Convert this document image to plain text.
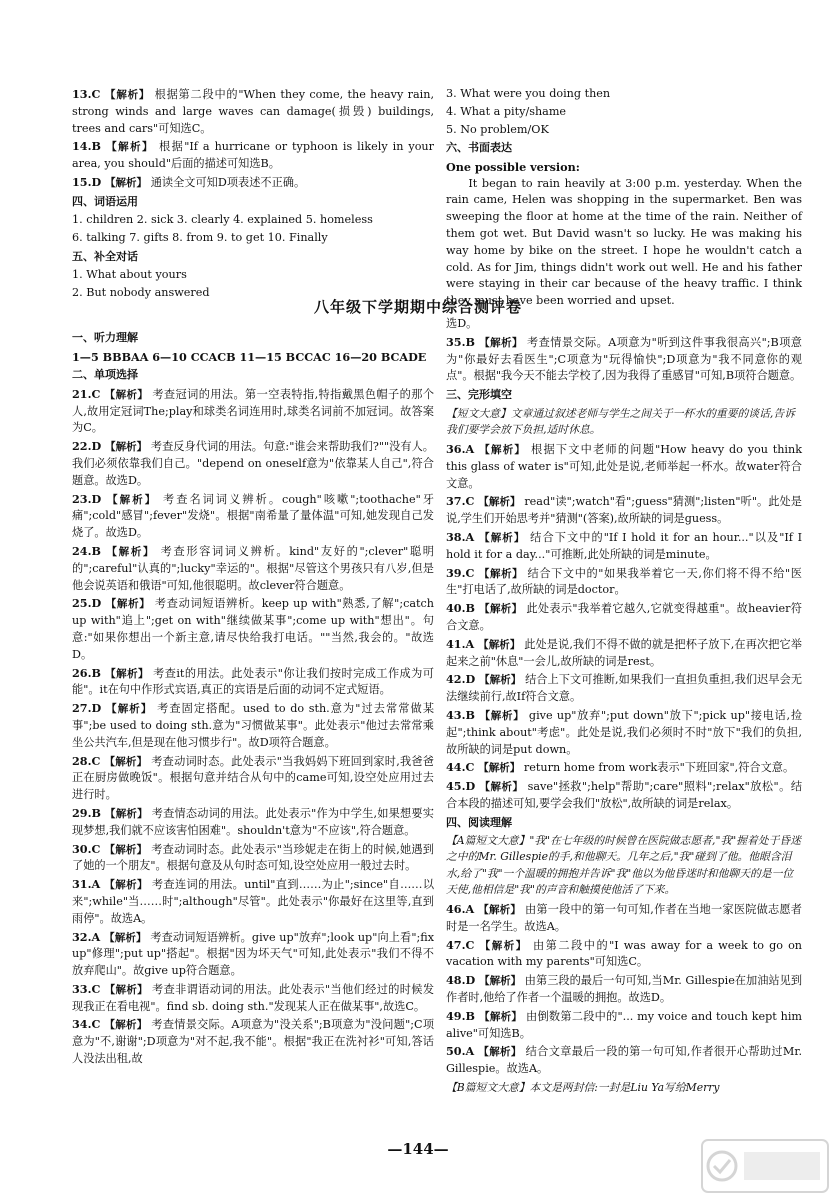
13.C 【解析】 根据第二段中的"When they come, the heavy rain, strong winds and large waves can damage(损毁) buildings, trees and cars"可知选C。
14.B 【解析】 根据"If a hurricane or typhoon is likely in your area, you should"后面的描述可知选B。
15.D 【解析】 通读全文可知D项表述不正确。
四、词语运用
1. children 2. sick 3. clearly 4. explained 5. homeless
6. talking 7. gifts 8. from 9. to get 10. Finally
五、补全对话
1. What about yours
2. But nobody answered
3. What were you doing then
4. What a pity/shame
5. No problem/OK
六、书面表达
One possible version:
It began to rain heavily at 3:00 p.m. yesterday. When the rain came, Helen was shopping in the supermarket. Ben was sweeping the floor at home at the time of the rain. Neither of them got wet. But David wasn't so lucky. He was making his way home by bike on the street. I hope he wouldn't catch a cold. As for Jim, things didn't work out well. He and his father were staying in their car because of the heavy traffic. I think they must have been worried and upset.
八年级下学期期中综合测评卷
一、听力理解
1—5 BBBAA 6—10 CCACB 11—15 BCCAC 16—20 BCADE
二、单项选择
21.C 【解析】 考查冠词的用法。第一空表特指,特指戴黑色帽子的那个人,故用定冠词The;play和球类名词连用时,球类名词前不加冠词。故答案为C。
22.D 【解析】 考查反身代词的用法。句意:"谁会来帮助我们?""没有人。我们必须依靠我们自己。"depend on oneself意为"依靠某人自己",符合题意。故选D。
23.D 【解析】 考查名词词义辨析。cough"咳嗽";toothache"牙痛";cold"感冒";fever"发烧"。根据"南希量了量体温"可知,她发现自己发烧了。故选D。
24.B 【解析】 考查形容词词义辨析。kind"友好的";clever"聪明的";careful"认真的";lucky"幸运的"。根据"尽管这个男孩只有八岁,但是他会说英语和俄语"可知,他很聪明。故clever符合题意。
25.D 【解析】 考查动词短语辨析。keep up with"熟悉,了解";catch up with"追上";get on with"继续做某事";come up with"想出"。句意:"如果你想出一个新主意,请尽快给我打电话。""当然,我会的。"故选D。
26.B 【解析】 考查it的用法。此处表示"你让我们按时完成工作成为可能"。it在句中作形式宾语,真正的宾语是后面的动词不定式短语。
27.D 【解析】 考查固定搭配。used to do sth.意为"过去常常做某事";be used to doing sth.意为"习惯做某事"。此处表示"他过去常常乘坐公共汽车,但是现在他习惯步行"。故D项符合题意。
28.C 【解析】 考查动词时态。此处表示"当我妈妈下班回到家时,我爸爸正在厨房做晚饭"。根据句意并结合从句中的came可知,设空处应用过去进行时。
29.B 【解析】 考查情态动词的用法。此处表示"作为中学生,如果想要实现梦想,我们就不应该害怕困难"。shouldn't意为"不应该",符合题意。
30.C 【解析】 考查动词时态。此处表示"当珍妮走在街上的时候,她遇到了她的一个朋友"。根据句意及从句时态可知,设空处应用一般过去时。
31.A 【解析】 考查连词的用法。until"直到……为止";since"自……以来";while"当……时";although"尽管"。此处表示"你最好在这里等,直到雨停"。故选A。
32.A 【解析】 考查动词短语辨析。give up"放弃";look up"向上看";fix up"修理";put up"搭起"。根据"因为坏天气"可知,此处表示"我们不得不放弃爬山"。故give up符合题意。
33.C 【解析】 考查非谓语动词的用法。此处表示"当他们经过的时候发现我正在看电视"。find sb. doing sth."发现某人正在做某事",故选C。
34.C 【解析】 考查情景交际。A项意为"没关系";B项意为"没问题";C项意为"不,谢谢";D项意为"对不起,我不能"。根据"我正在洗衬衫"可知,答话人没法出租,故
选D。
35.B 【解析】 考查情景交际。A项意为"听到这件事我很高兴";B项意为"你最好去看医生";C项意为"玩得愉快";D项意为"我不同意你的观点"。根据"我今天不能去学校了,因为我得了重感冒"可知,B项符合题意。
三、完形填空
【短文大意】文章通过叙述老师与学生之间关于一杯水的重要的谈话,告诉我们要学会放下负担,适时休息。
36.A 【解析】 根据下文中老师的问题"How heavy do you think this glass of water is"可知,此处是说,老师举起一杯水。故water符合文意。
37.C 【解析】 read"读";watch"看";guess"猜测";listen"听"。此处是说,学生们开始思考并"猜测"(答案),故所缺的词是guess。
38.A 【解析】 结合下文中的"If I hold it for an hour..."以及"If I hold it for a day..."可推断,此处所缺的词是minute。
39.C 【解析】 结合下文中的"如果我举着它一天,你们将不得不给"医生"打电话了,故所缺的词是doctor。
40.B 【解析】 此处表示"我举着它越久,它就变得越重"。故heavier符合文意。
41.A 【解析】 此处是说,我们不得不做的就是把杯子放下,在再次把它举起来之前"休息"一会儿,故所缺的词是rest。
42.D 【解析】 结合上下文可推断,如果我们一直担负重担,我们迟早会无法继续前行,故If符合文意。
43.B 【解析】 give up"放弃";put down"放下";pick up"接电话,捡起";think about"考虑"。此处是说,我们必须时不时"放下"我们的负担,故所缺的词是put down。
44.C 【解析】 return home from work表示"下班回家",符合文意。
45.D 【解析】 save"拯救";help"帮助";care"照料";relax"放松"。结合本段的描述可知,要学会我们"放松",故所缺的词是relax。
四、阅读理解
【A篇短文大意】"我"在七年级的时候曾在医院做志愿者,"我"握着处于昏迷之中的Mr. Gillespie的手,和他聊天。几年之后,"我"碰到了他。他眼含泪水,给了"我"一个温暖的拥抱并告诉"我"他以为他昏迷时和他聊天的是一位天使,他相信是"我"的声音和触摸使他活了下来。
46.A 【解析】 由第一段中的第一句可知,作者在当地一家医院做志愿者时是一名学生。故选A。
47.C 【解析】 由第二段中的"I was away for a week to go on vacation with my parents"可知选C。
48.D 【解析】 由第三段的最后一句可知,当Mr. Gillespie在加油站见到作者时,他给了作者一个温暖的拥抱。故选D。
49.B 【解析】 由倒数第二段中的"... my voice and touch kept him alive"可知选B。
50.A 【解析】 结合文章最后一段的第一句可知,作者很开心帮助过Mr. Gillespie。故选A。
【B篇短文大意】本文是两封信:一封是Liu Ya写给Merry
—144—
